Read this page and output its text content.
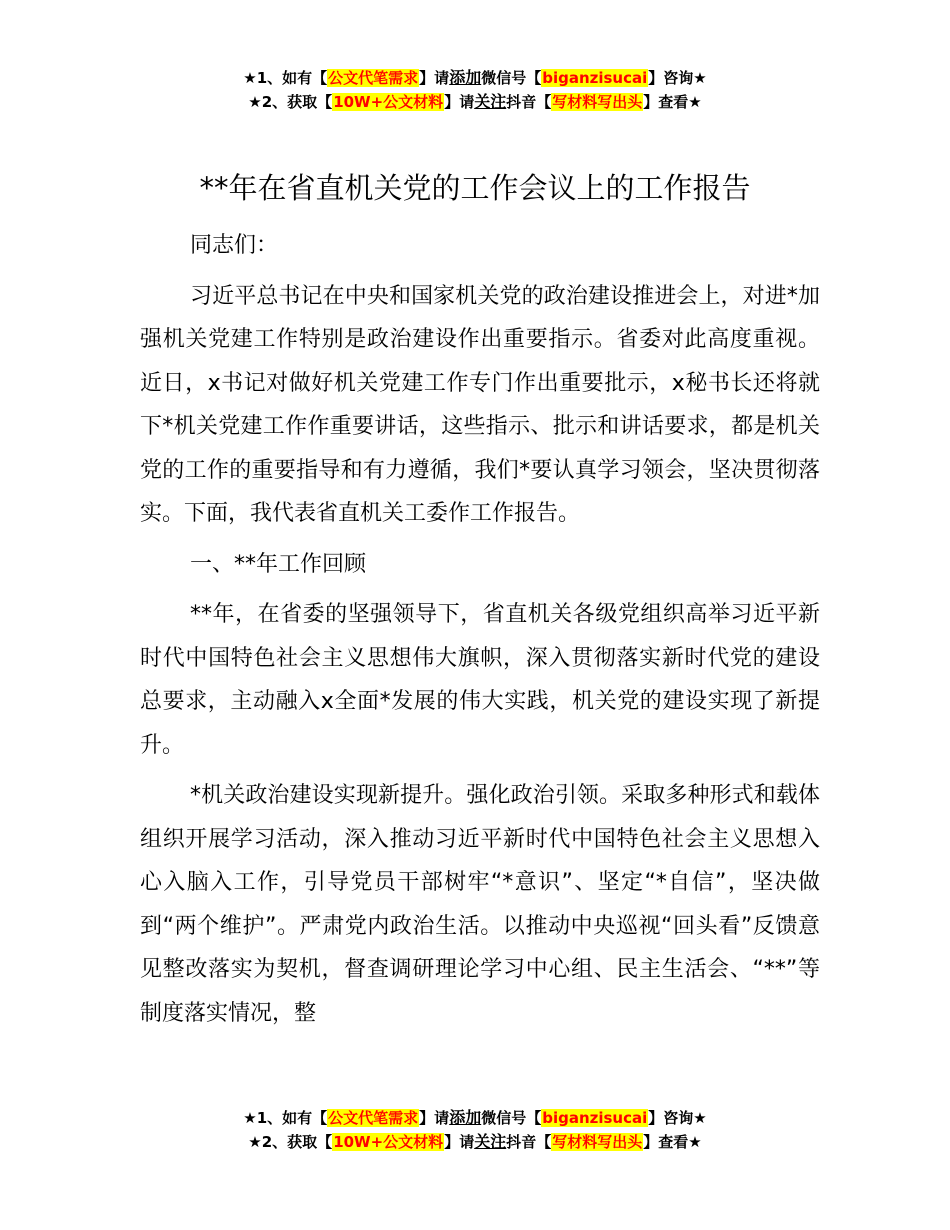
★1、如有【公文代笔需求】请添加微信号【biganzisucai】咨询★
★2、获取【10W+公文材料】请关注抖音【写材料写出头】查看★
**年在省直机关党的工作会议上的工作报告

同志们：

习近平总书记在中央和国家机关党的政治建设推进会上，对进*加强机关党建工作特别是政治建设作出重要指示。省委对此高度重视。近日，x书记对做好机关党建工作专门作出重要批示，x秘书长还将就下*机关党建工作作重要讲话，这些指示、批示和讲话要求，都是机关党的工作的重要指导和有力遵循，我们*要认真学习领会，坚决贯彻落实。下面，我代表省直机关工委作工作报告。

一、**年工作回顾

**年，在省委的坚强领导下，省直机关各级党组织高举习近平新时代中国特色社会主义思想伟大旗帜，深入贯彻落实新时代党的建设总要求，主动融入x全面*发展的伟大实践，机关党的建设实现了新提升。

*机关政治建设实现新提升。强化政治引领。采取多种形式和载体组织开展学习活动，深入推动习近平新时代中国特色社会主义思想入心入脑入工作，引导党员干部树牢“*意识”、坚定“*自信”，坚决做到“两个维护”。严肃党内政治生活。以推动中央巡视“回头看”反馈意见整改落实为契机，督查调研理论学习中心组、民主生活会、“**”等制度落实情况，整

★1、如有【公文代笔需求】请添加微信号【biganzisucai】咨询★
★2、获取【10W+公文材料】请关注抖音【写材料写出头】查看★
